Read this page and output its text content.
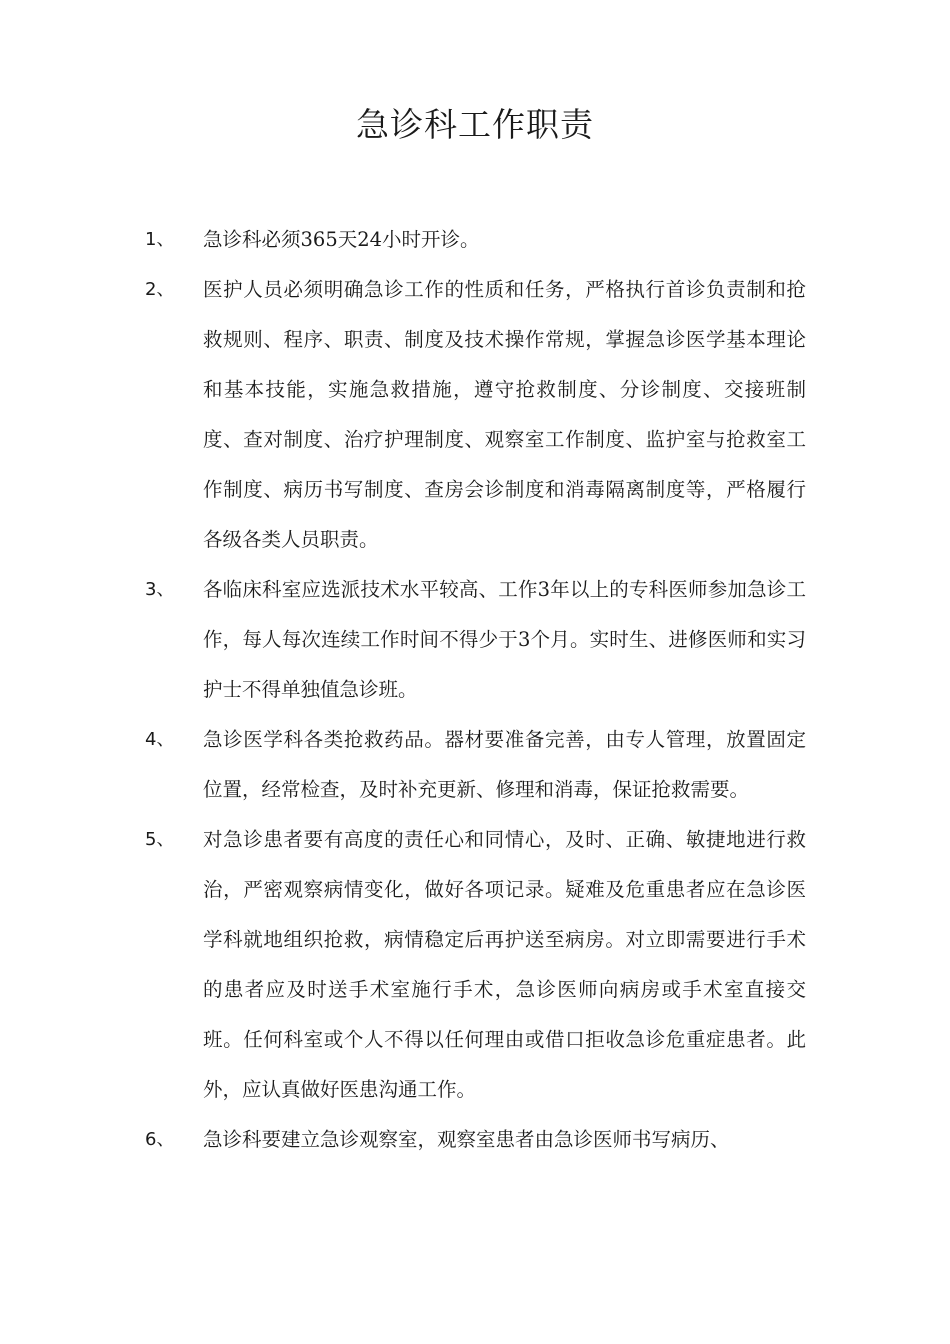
急诊科工作职责
1、 急诊科必须365天24小时开诊。
2、 医护人员必须明确急诊工作的性质和任务，严格执行首诊负责制和抢救规则、程序、职责、制度及技术操作常规，掌握急诊医学基本理论和基本技能，实施急救措施，遵守抢救制度、分诊制度、交接班制度、查对制度、治疗护理制度、观察室工作制度、监护室与抢救室工作制度、病历书写制度、查房会诊制度和消毒隔离制度等，严格履行各级各类人员职责。
3、 各临床科室应选派技术水平较高、工作3年以上的专科医师参加急诊工作，每人每次连续工作时间不得少于3个月。实时生、进修医师和实习护士不得单独值急诊班。
4、 急诊医学科各类抢救药品。器材要准备完善，由专人管理，放置固定位置，经常检查，及时补充更新、修理和消毒，保证抢救需要。
5、 对急诊患者要有高度的责任心和同情心，及时、正确、敏捷地进行救治，严密观察病情变化，做好各项记录。疑难及危重患者应在急诊医学科就地组织抢救，病情稳定后再护送至病房。对立即需要进行手术的患者应及时送手术室施行手术，急诊医师向病房或手术室直接交班。任何科室或个人不得以任何理由或借口拒收急诊危重症患者。此外，应认真做好医患沟通工作。
6、 急诊科要建立急诊观察室，观察室患者由急诊医师书写病历、
